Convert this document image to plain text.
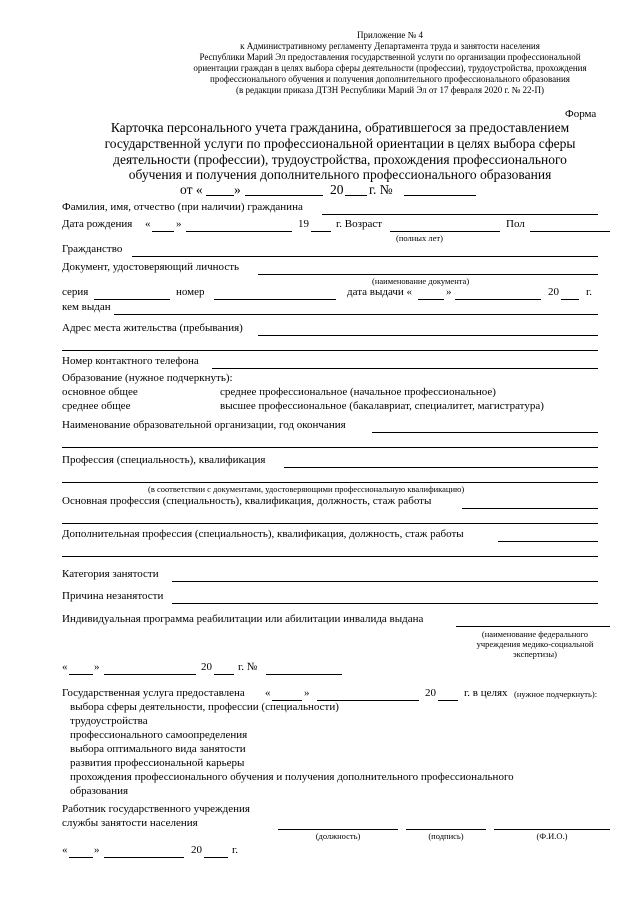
Приложение № 4
к Административному регламенту Департамента труда и занятости населения
Республики Марий Эл предоставления государственной услуги по организации профессиональной
ориентации граждан в целях выбора сферы деятельности (профессии), трудоустройства, прохождения
профессионального обучения и получения дополнительного профессионального образования
(в редакции приказа ДТЗН Республики Марий Эл от 17 февраля 2020 г. № 22-П)
Форма
Карточка персонального учета гражданина, обратившегося за предоставлением
государственной услуги по профессиональной ориентации в целях выбора сферы
деятельности (профессии), трудоустройства, прохождения профессионального
обучения и получения дополнительного профессионального образования
от « »	20 г. №
Фамилия, имя, отчество (при наличии) гражданина
Дата рождения « »	19 г. Возраст	Пол
(полных лет)
Гражданство
Документ, удостоверяющий личность
(наименование документа)
серия	номер	дата выдачи «	»	20 г.
кем выдан
Адрес места жительства (пребывания)
Номер контактного телефона
Образование (нужное подчеркнуть):
основное общее	среднее профессиональное (начальное профессиональное)
среднее общее	высшее профессиональное (бакалавриат, специалитет, магистратура)
Наименование образовательной организации, год окончания
Профессия (специальность), квалификация
(в соответствии с документами, удостоверяющими профессиональную квалификацию)
Основная профессия (специальность), квалификация, должность, стаж работы
Дополнительная профессия (специальность), квалификация, должность, стаж работы
Категория занятости
Причина незанятости
Индивидуальная программа реабилитации или абилитации инвалида выдана
(наименование федерального
учреждения медико-социальной
экспертизы)
« »	20 г. №
Государственная услуга предоставлена «	»	20	г. в целях (нужное подчеркнуть):
выбора сферы деятельности, профессии (специальности)
трудоустройства
профессионального самоопределения
выбора оптимального вида занятости
развития профессиональной карьеры
прохождения профессионального обучения и получения дополнительного профессионального
образования
Работник государственного учреждения
службы занятости населения
(должность)	(подпись)	(Ф.И.О.)
« »	20	г.
